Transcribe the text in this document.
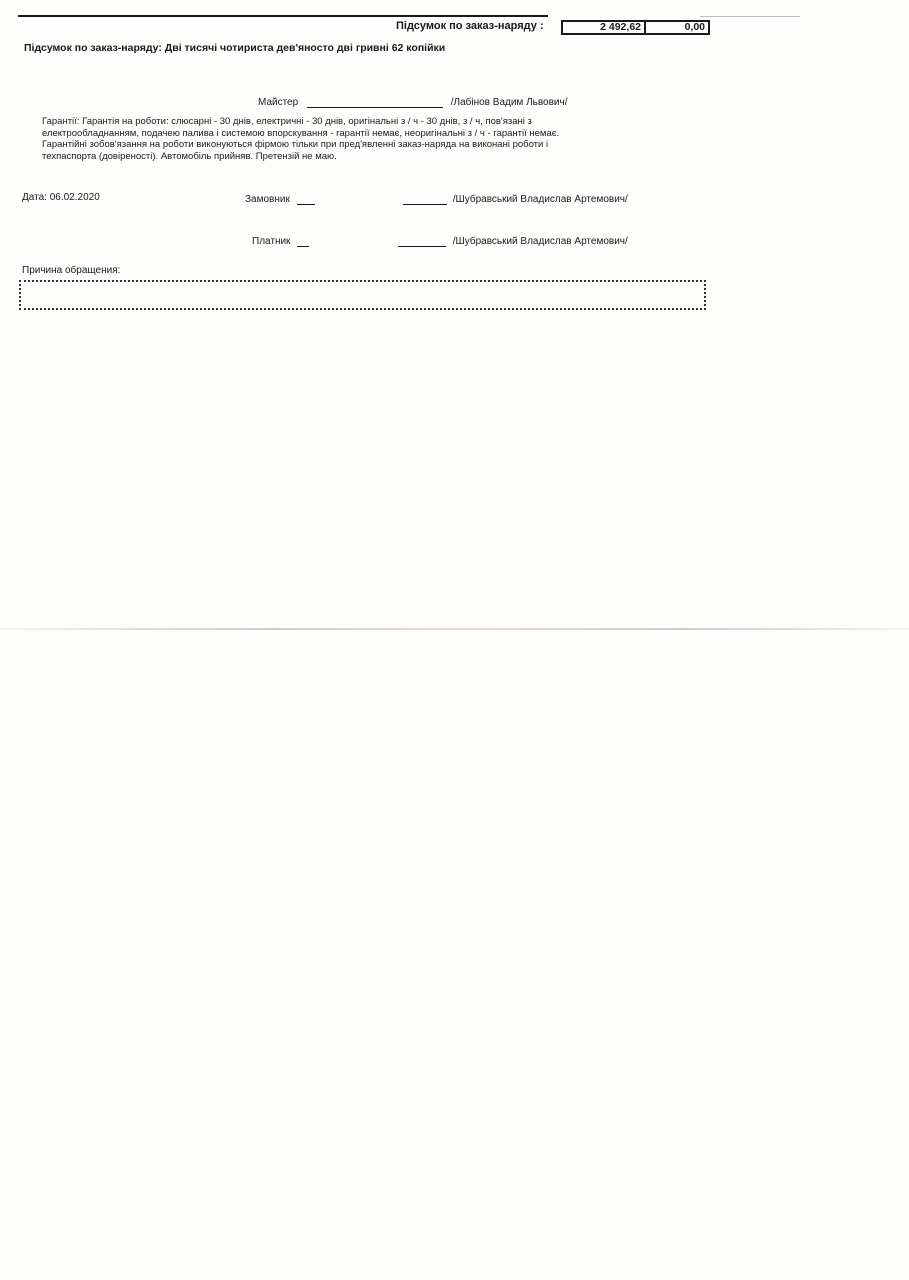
Підсумок по заказ-наряду :	2 492,62	0,00
Підсумок по заказ-наряду: Дві тисячі чотириста дев'яносто дві гривні 62 копійки
Майстер	/Лабінов Вадим Львович/
Гарантії: Гарантія на роботи: слюсарні - 30 днів, електричні - 30 днів, оригінальні з / ч - 30 днів, з / ч, пов'язані з
електрообладнанням, подачею палива і системою впорскування - гарантії немає, неоригінальні з / ч - гарантії немає.
Гарантійні зобов'язання на роботи виконуються фірмою тільки при пред'явленні заказ-наряда на виконані роботи і
техпаспорта (довіреності). Автомобіль прийняв. Претензій не маю.
Дата: 06.02.2020	Замовник	/Шубравський Владислав Артемович/
Платник	/Шубравський Владислав Артемович/
Причина обращения:
